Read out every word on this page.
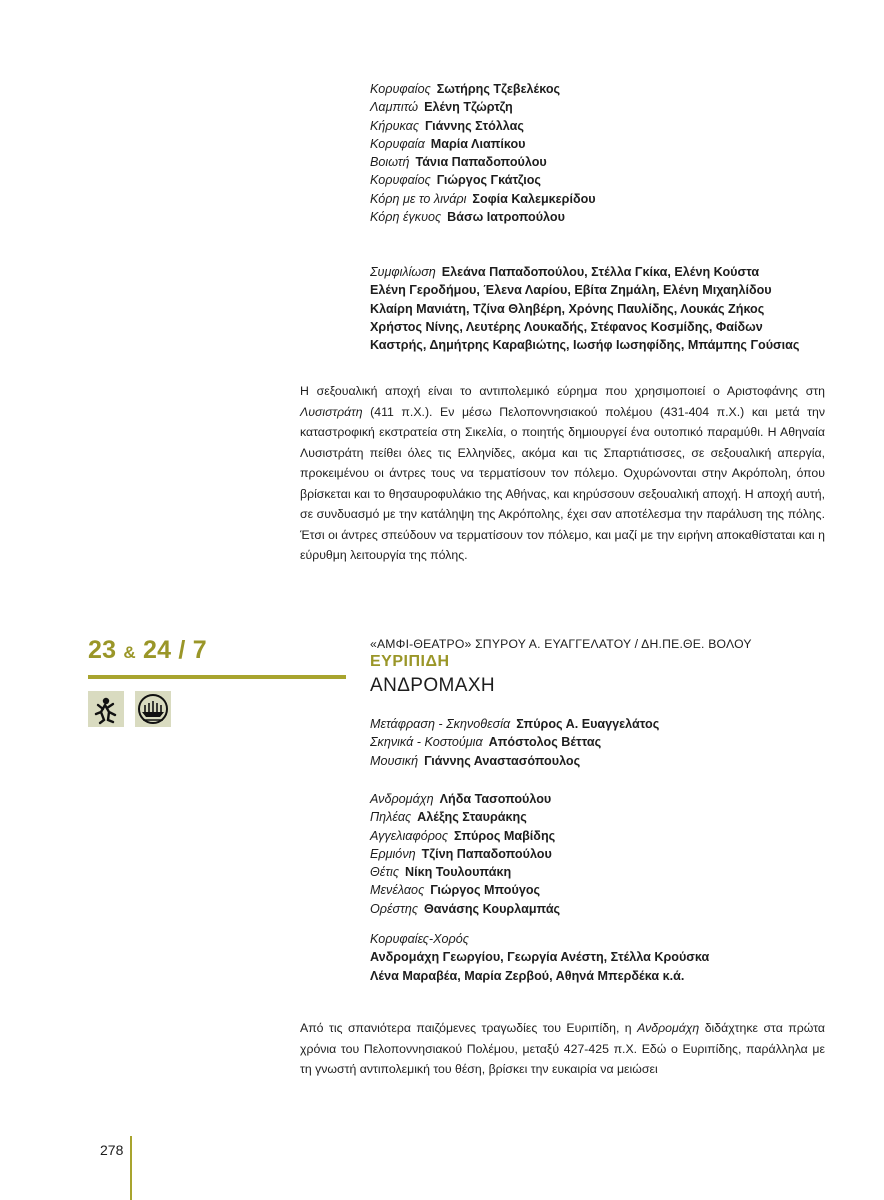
Κορυφαίος Σωτήρης Τζεβελέκος
Λαμπιτώ Ελένη Τζώρτζη
Κήρυκας Γιάννης Στόλλας
Κορυφαία Μαρία Λιαπίκου
Βοιωτή Τάνια Παπαδοπούλου
Κορυφαίος Γιώργος Γκάτζιος
Κόρη με το λινάρι Σοφία Καλεμκερίδου
Κόρη έγκυος Βάσω Ιατροπούλου
Συμφιλίωση Ελεάνα Παπαδοπούλου, Στέλλα Γκίκα, Ελένη Κούστα
Ελένη Γεροδήμου, Έλενα Λαρίου, Εβίτα Ζημάλη, Ελένη Μιχαηλίδου
Κλαίρη Μανιάτη, Τζίνα Θληβέρη, Χρόνης Παυλίδης, Λουκάς Ζήκος
Χρήστος Νίνης, Λευτέρης Λουκαδής, Στέφανος Κοσμίδης, Φαίδων
Καστρής, Δημήτρης Καραβιώτης, Ιωσήφ Ιωσηφίδης, Μπάμπης Γούσιας

Η σεξουαλική αποχή είναι το αντιπολεμικό εύρημα που χρησιμοποιεί ο Αριστοφάνης στη Λυσιστράτη (411 π.Χ.). Εν μέσω Πελοποννησιακού πολέμου (431-404 π.Χ.) και μετά την καταστροφική εκστρατεία στη Σικελία, ο ποιητής δημιουργεί ένα ουτοπικό παραμύθι. Η Αθηναία Λυσιστράτη πείθει όλες τις Ελληνίδες, ακόμα και τις Σπαρτιάτισσες, σε σεξουαλική απεργία, προκειμένου οι άντρες τους να τερματίσουν τον πόλεμο. Οχυρώνονται στην Ακρόπολη, όπου βρίσκεται και το θησαυροφυλάκιο της Αθήνας, και κηρύσσουν σεξουαλική αποχή. Η αποχή αυτή, σε συνδυασμό με την κατάληψη της Ακρόπολης, έχει σαν αποτέλεσμα την παράλυση της πόλης. Έτσι οι άντρες σπεύδουν να τερματίσουν τον πόλεμο, και μαζί με την ειρήνη αποκαθίσταται και η εύρυθμη λειτουργία της πόλης.

23 & 24 / 7	«ΑΜΦΙ-ΘΕΑΤΡΟ» ΣΠΥΡΟΥ Α. ΕΥΑΓΓΕΛΑΤΟΥ / ΔΗ.ΠΕ.ΘΕ. ΒΟΛΟΥ
ΕΥΡΙΠΙΔΗ
ΑΝΔΡΟΜΑΧΗ
Μετάφραση - Σκηνοθεσία Σπύρος Α. Ευαγγελάτος
Σκηνικά - Κοστούμια Απόστολος Βέττας
Μουσική Γιάννης Αναστασόπουλος
Ανδρομάχη Λήδα Τασοπούλου
Πηλέας Αλέξης Σταυράκης
Αγγελιαφόρος Σπύρος Μαβίδης
Ερμιόνη Τζίνη Παπαδοπούλου
Θέτις Νίκη Τουλουπάκη
Μενέλαος Γιώργος Μπούγος
Ορέστης Θανάσης Κουρλαμπάς
Κορυφαίες-Χορός
Ανδρομάχη Γεωργίου, Γεωργία Ανέστη, Στέλλα Κρούσκα
Λένα Μαραβέα, Μαρία Ζερβού, Αθηνά Μπερδέκα κ.ά.

Από τις σπανιότερα παιζόμενες τραγωδίες του Ευριπίδη, η Ανδρομάχη διδάχτηκε στα πρώτα χρόνια του Πελοποννησιακού Πολέμου, μεταξύ 427-425 π.Χ. Εδώ ο Ευριπίδης, παράλληλα με τη γνωστή αντιπολεμική του θέση, βρίσκει την ευκαιρία να μειώσει

278
